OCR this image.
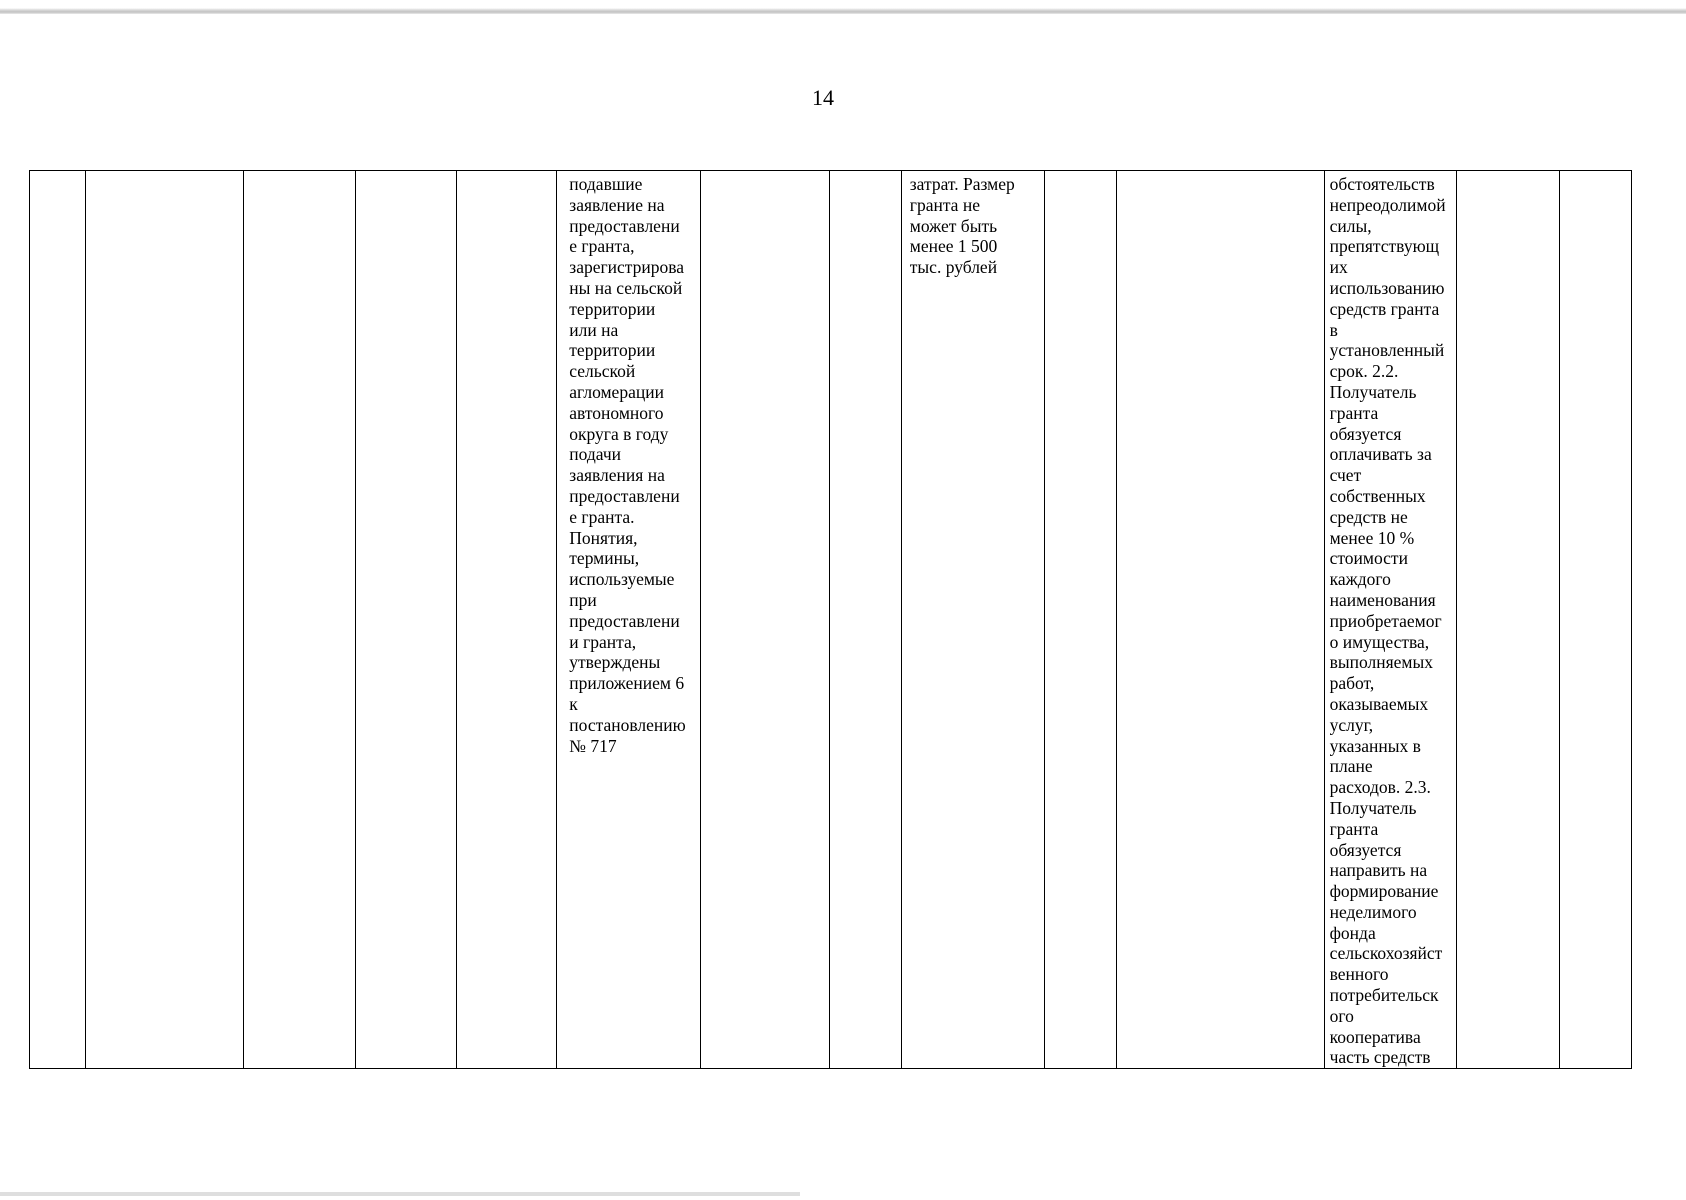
14
					подавшие
заявление на
предоставлени
е гранта,
зарегистрирова
ны на сельской
территории
или на
территории
сельской
агломерации
автономного
округа в году
подачи
заявления на
предоставлени
е гранта.
Понятия,
термины,
используемые
при
предоставлени
и гранта,
утверждены
приложением 6
к
постановлению
№ 717			затрат. Размер
гранта не
может быть
менее 1 500
тыс. рублей			обстоятельств
непреодолимой
силы,
препятствующ
их
использованию
средств гранта
в
установленный
срок. 2.2.
Получатель
гранта
обязуется
оплачивать за
счет
собственных
средств не
менее 10 %
стоимости
каждого
наименования
приобретаемог
о имущества,
выполняемых
работ,
оказываемых
услуг,
указанных в
плане
расходов. 2.3.
Получатель
гранта
обязуется
направить на
формирование
неделимого
фонда
сельскохозяйст
венного
потребительск
ого
кооператива
часть средств		
